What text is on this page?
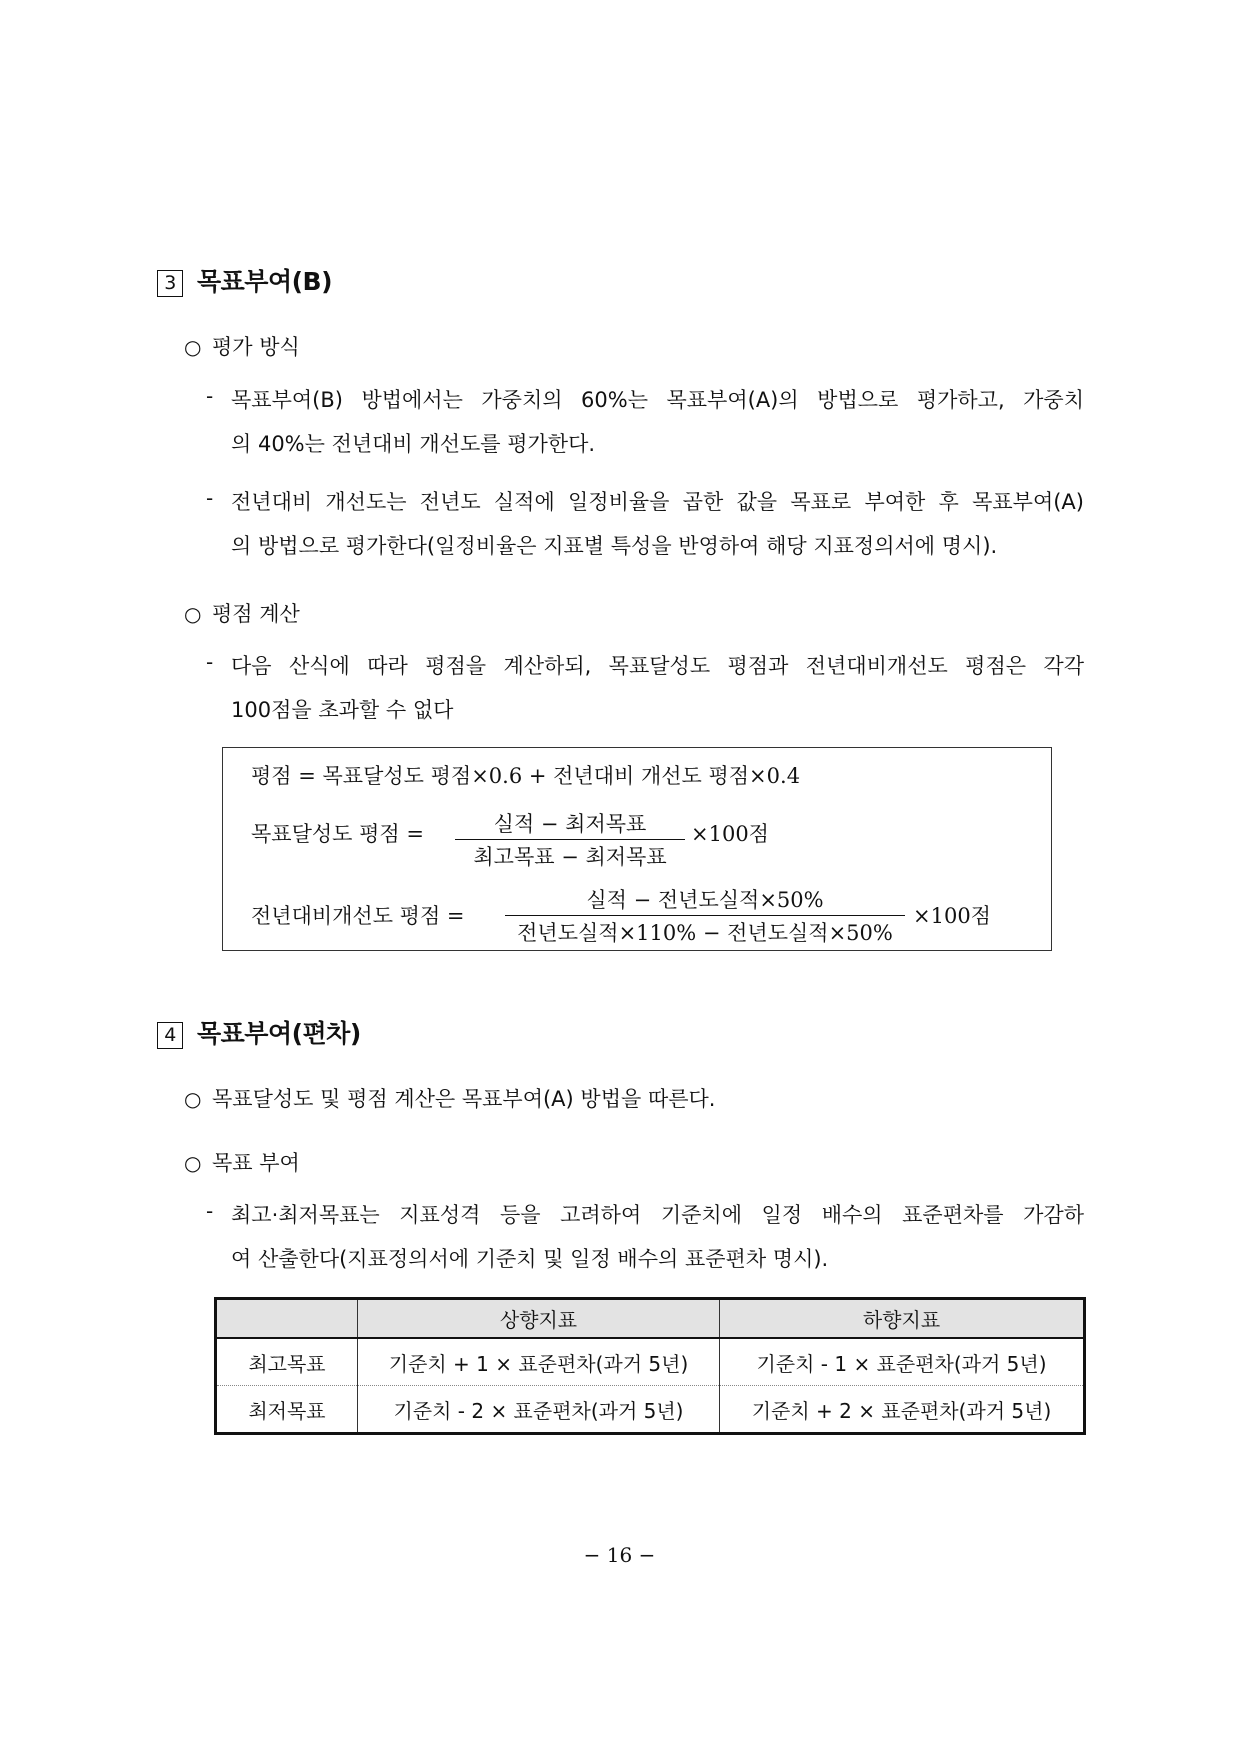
3 목표부여(B)
○ 평가 방식
- 목표부여(B) 방법에서는 가중치의 60%는 목표부여(A)의 방법으로 평가하고, 가중치
의 40%는 전년대비 개선도를 평가한다.
- 전년대비 개선도는 전년도 실적에 일정비율을 곱한 값을 목표로 부여한 후 목표부여(A)
의 방법으로 평가한다(일정비율은 지표별 특성을 반영하여 해당 지표정의서에 명시).
○ 평점 계산
- 다음 산식에 따라 평점을 계산하되, 목표달성도 평점과 전년대비개선도 평점은 각각
100점을 초과할 수 없다
평점 = 목표달성도 평점×0.6 + 전년대비 개선도 평점×0.4
목표달성도 평점 =	실적 − 최저목표
최고목표 − 최저목표
×100점
전년대비개선도 평점 =
실적 − 전년도실적×50%
전년도실적×110% − 전년도실적×50%
×100점
4 목표부여(편차)
○ 목표달성도 및 평점 계산은 목표부여(A) 방법을 따른다.
○ 목표 부여
- 최고·최저목표는 지표성격 등을 고려하여 기준치에 일정 배수의 표준편차를 가감하
여 산출한다(지표정의서에 기준치 및 일정 배수의 표준편차 명시).
	상향지표	하향지표
최고목표	기준치 + 1 × 표준편차(과거 5년)	기준치 - 1 × 표준편차(과거 5년)
최저목표	기준치 - 2 × 표준편차(과거 5년)	기준치 + 2 × 표준편차(과거 5년)
− 16 −
